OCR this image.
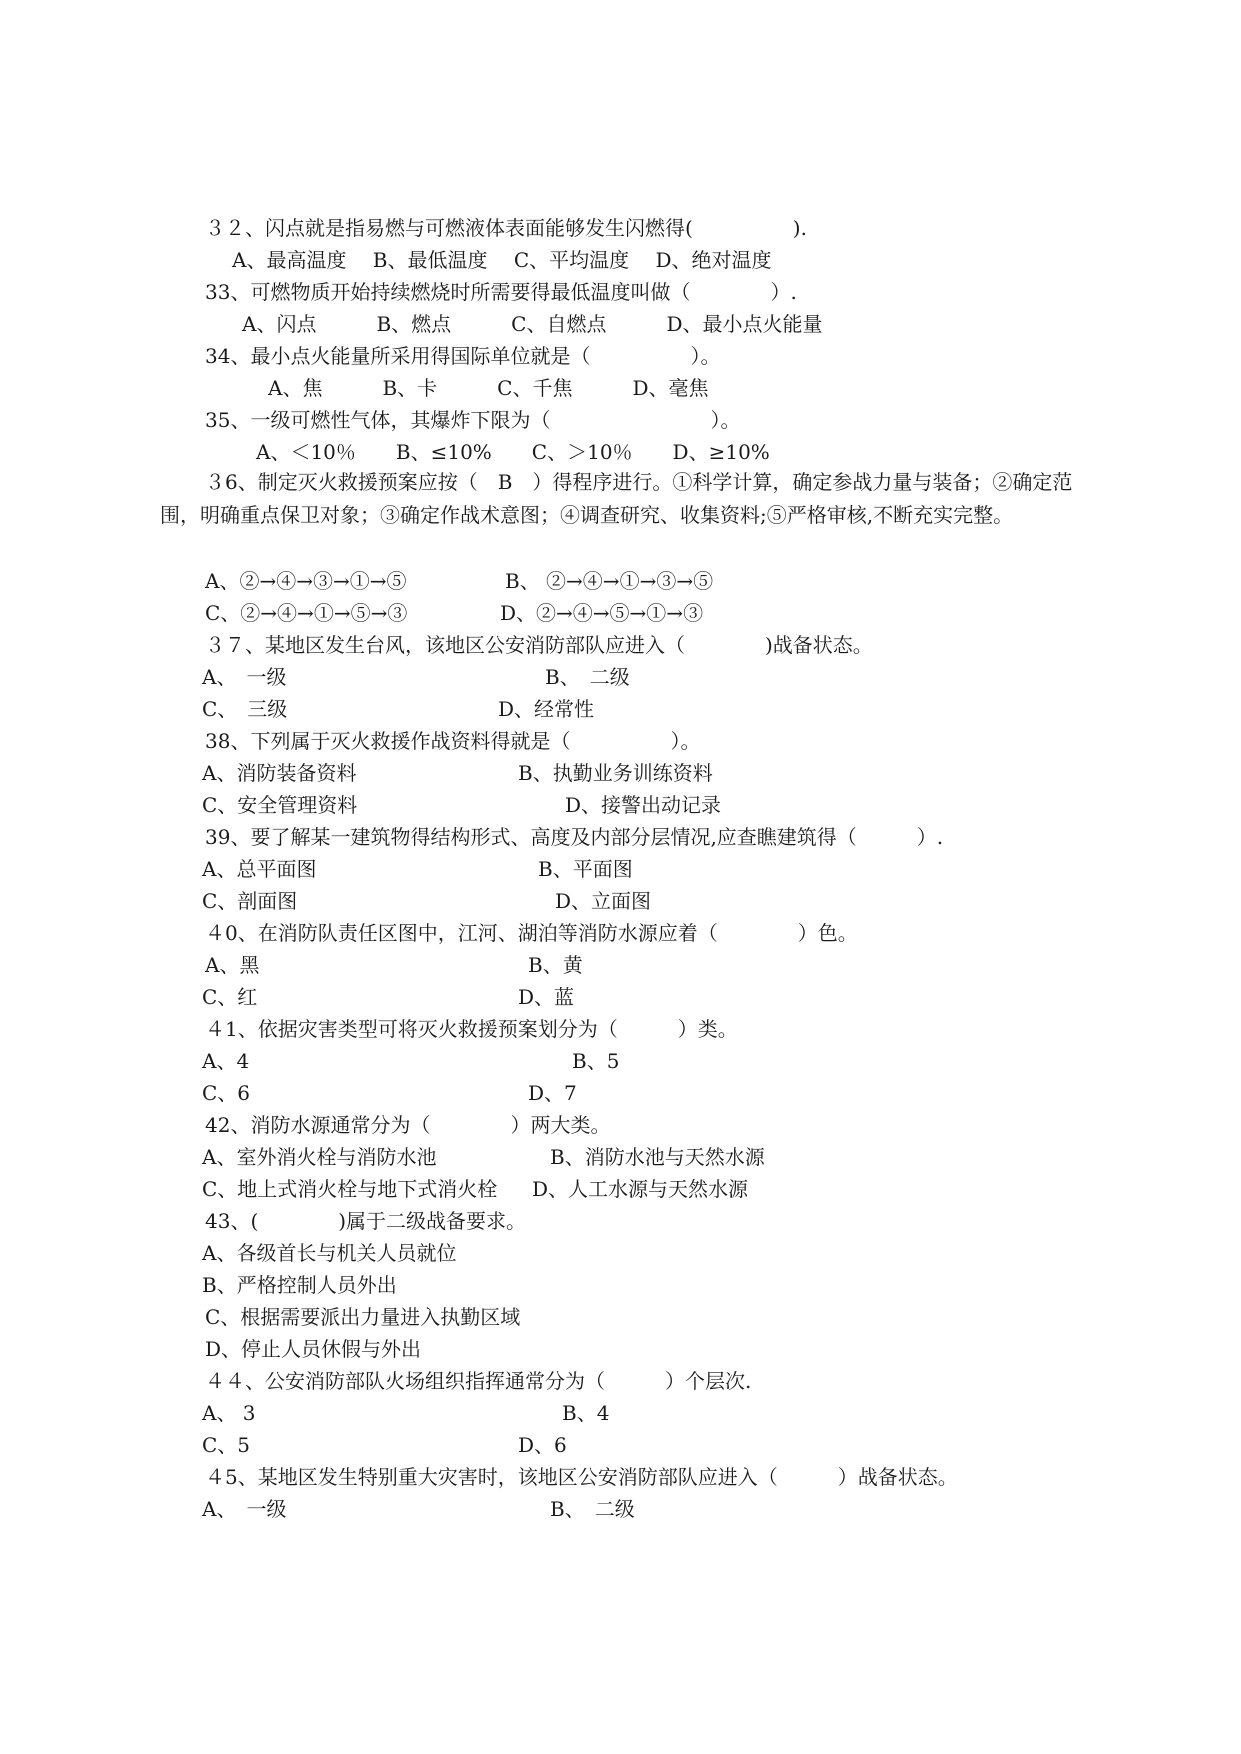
３２、闪点就是指易燃与可燃液体表面能够发生闪燃得(　　　　　).
A、最高温度　 B、最低温度　 C、平均温度　 D、绝对温度
33、可燃物质开始持续燃烧时所需要得最低温度叫做（　　　　）.
A、闪点　　　B、燃点　　　C、自燃点　　　D、最小点火能量
34、最小点火能量所采用得国际单位就是（　　　　　）。
A、焦　　　B、卡　　　C、千焦　　　D、毫焦
35、一级可燃性气体，其爆炸下限为（　　　　　　　　）。
A、＜10％　　B、≤10%　　C、＞10％　　D、≥10%
３6、制定灭火救援预案应按（　B　）得程序进行。①科学计算，确定参战力量与装备；②确定范围，明确重点保卫对象；③确定作战术意图；④调查研究、收集资料;⑤严格审核,不断充实完整。
A、②→④→③→①→⑤	B、 ②→④→①→③→⑤
C、②→④→①→⑤→③	D、②→④→⑤→①→③
３７、某地区发生台风，该地区公安消防部队应进入（　　　　)战备状态。
A、　一级	B、　二级
C、　三级	D、经常性
38、下列属于灭火救援作战资料得就是（　　　　　）。
A、消防装备资料	B、执勤业务训练资料
C、安全管理资料	D、接警出动记录
39、要了解某一建筑物得结构形式、高度及内部分层情况,应查瞧建筑得（　　　）.
A、总平面图	B、平面图
C、剖面图	D、立面图
４0、在消防队责任区图中，江河、湖泊等消防水源应着（　　　　）色。
A、黑	B、黄
C、红	D、蓝
４1、依据灾害类型可将灭火救援预案划分为（　　　）类。
A、4	B、5
C、6	D、7
42、消防水源通常分为（　　　　）两大类。
A、室外消火栓与消防水池	B、消防水池与天然水源
C、地上式消火栓与地下式消火栓 D、人工水源与天然水源
43、(　　　　)属于二级战备要求。
A、各级首长与机关人员就位
B、严格控制人员外出
C、根据需要派出力量进入执勤区域
D、停止人员休假与外出
４４、公安消防部队火场组织指挥通常分为（　　　）个层次.
A、 3	B、4
C、5	D、6
４5、某地区发生特别重大灾害时，该地区公安消防部队应进入（　　　）战备状态。
A、　一级	B、　二级
